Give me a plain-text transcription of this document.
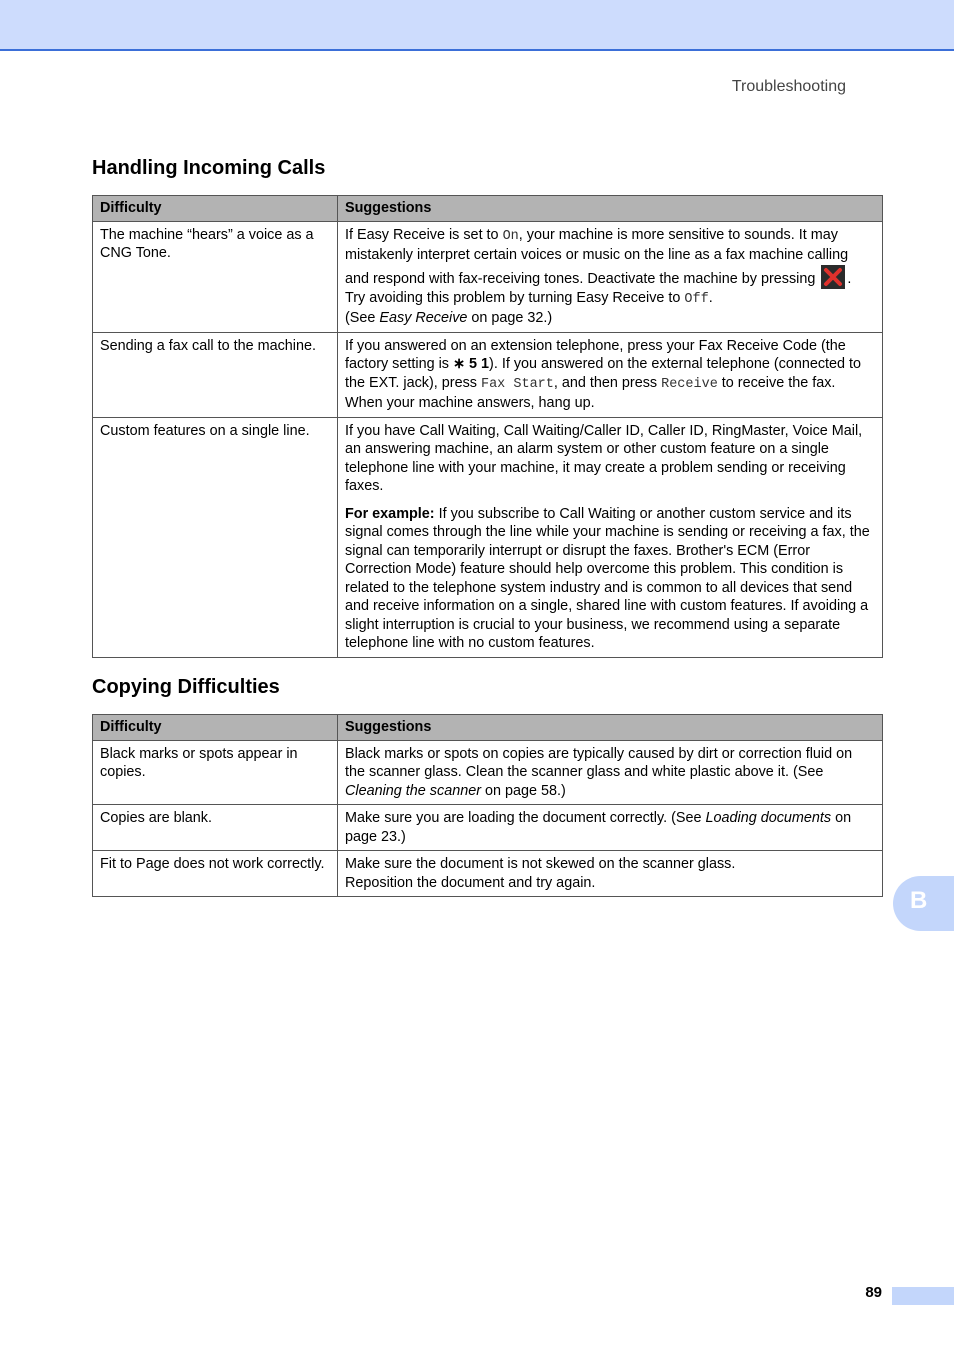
Troubleshooting
Handling Incoming Calls
Difficulty	Suggestions
The machine “hears” a voice as a CNG Tone.	If Easy Receive is set to On, your machine is more sensitive to sounds. It may mistakenly interpret certain voices or music on the line as a fax machine calling and respond with fax-receiving tones. Deactivate the machine by pressing
.

Try avoiding this problem by turning Easy Receive to Off.

(See Easy Receive on page 32.)

Sending a fax call to the machine.	If you answered on an extension telephone, press your Fax Receive Code (the factory setting is ∗ 5 1). If you answered on the external telephone (connected to the EXT. jack), press Fax Start, and then press Receive to receive the fax. When your machine answers, hang up.
Custom features on a single line.	If you have Call Waiting, Call Waiting/Caller ID, Caller ID, RingMaster, Voice Mail, an answering machine, an alarm system or other custom feature on a single telephone line with your machine, it may create a problem sending or receiving faxes.

For example: If you subscribe to Call Waiting or another custom service and its signal comes through the line while your machine is sending or receiving a fax, the signal can temporarily interrupt or disrupt the faxes. Brother's ECM (Error Correction Mode) feature should help overcome this problem. This condition is related to the telephone system industry and is common to all devices that send and receive information on a single, shared line with custom features. If avoiding a slight interruption is crucial to your business, we recommend using a separate telephone line with no custom features.

Copying Difficulties
Difficulty	Suggestions
Black marks or spots appear in copies.	Black marks or spots on copies are typically caused by dirt or correction fluid on the scanner glass. Clean the scanner glass and white plastic above it. (See Cleaning the scanner on page 58.)
Copies are blank.	Make sure you are loading the document correctly. (See Loading documents on page 23.)
Fit to Page does not work correctly.	Make sure the document is not skewed on the scanner glass.

Reposition the document and try again.

B
89
